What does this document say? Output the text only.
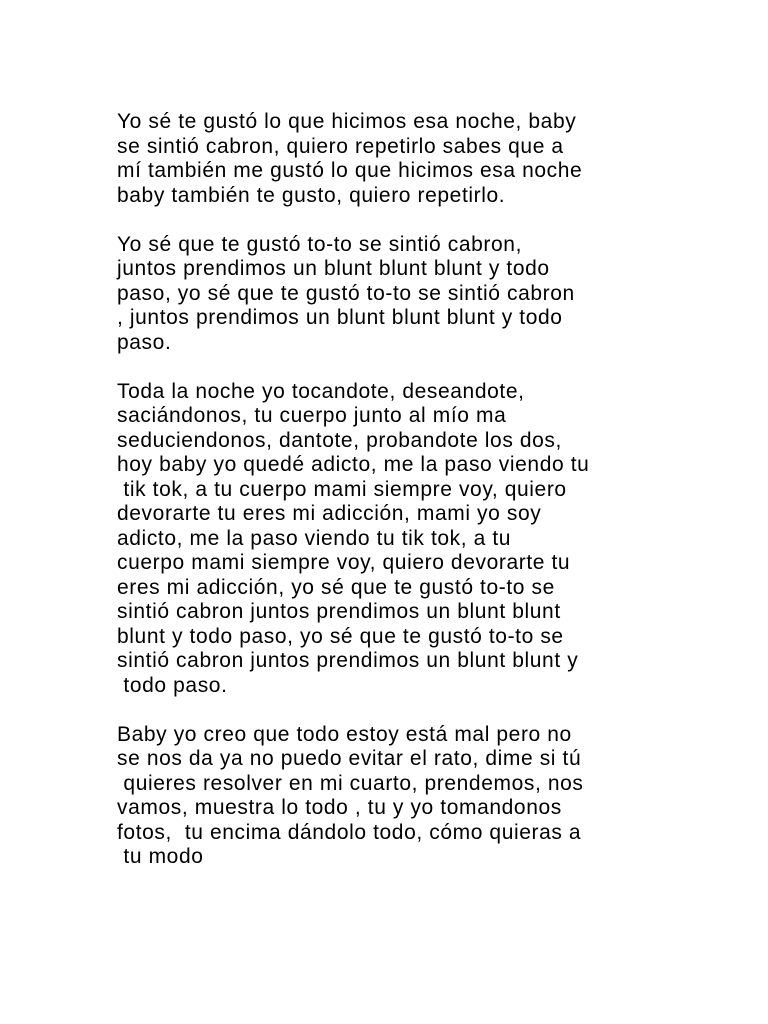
Yo sé te gustó lo que hicimos esa noche, baby
se sintió cabron, quiero repetirlo sabes que a
mí también me gustó lo que hicimos esa noche
baby también te gusto, quiero repetirlo.

Yo sé que te gustó to-to se sintió cabron,
juntos prendimos un blunt blunt blunt y todo
paso, yo sé que te gustó to-to se sintió cabron
, juntos prendimos un blunt blunt blunt y todo
paso.

Toda la noche yo tocandote, deseandote,
saciándonos, tu cuerpo junto al mío ma
seduciendonos, dantote, probandote los dos,
hoy baby yo quedé adicto, me la paso viendo tu
tik tok, a tu cuerpo mami siempre voy, quiero
devorarte tu eres mi adicción, mami yo soy
adicto, me la paso viendo tu tik tok, a tu
cuerpo mami siempre voy, quiero devorarte tu
eres mi adicción, yo sé que te gustó to-to se
sintió cabron juntos prendimos un blunt blunt
blunt y todo paso, yo sé que te gustó to-to se
sintió cabron juntos prendimos un blunt blunt y
todo paso.

Baby yo creo que todo estoy está mal pero no
se nos da ya no puedo evitar el rato, dime si tú
quieres resolver en mi cuarto, prendemos, nos
vamos, muestra lo todo , tu y yo tomandonos
fotos,  tu encima dándolo todo, cómo quieras a
tu modo
